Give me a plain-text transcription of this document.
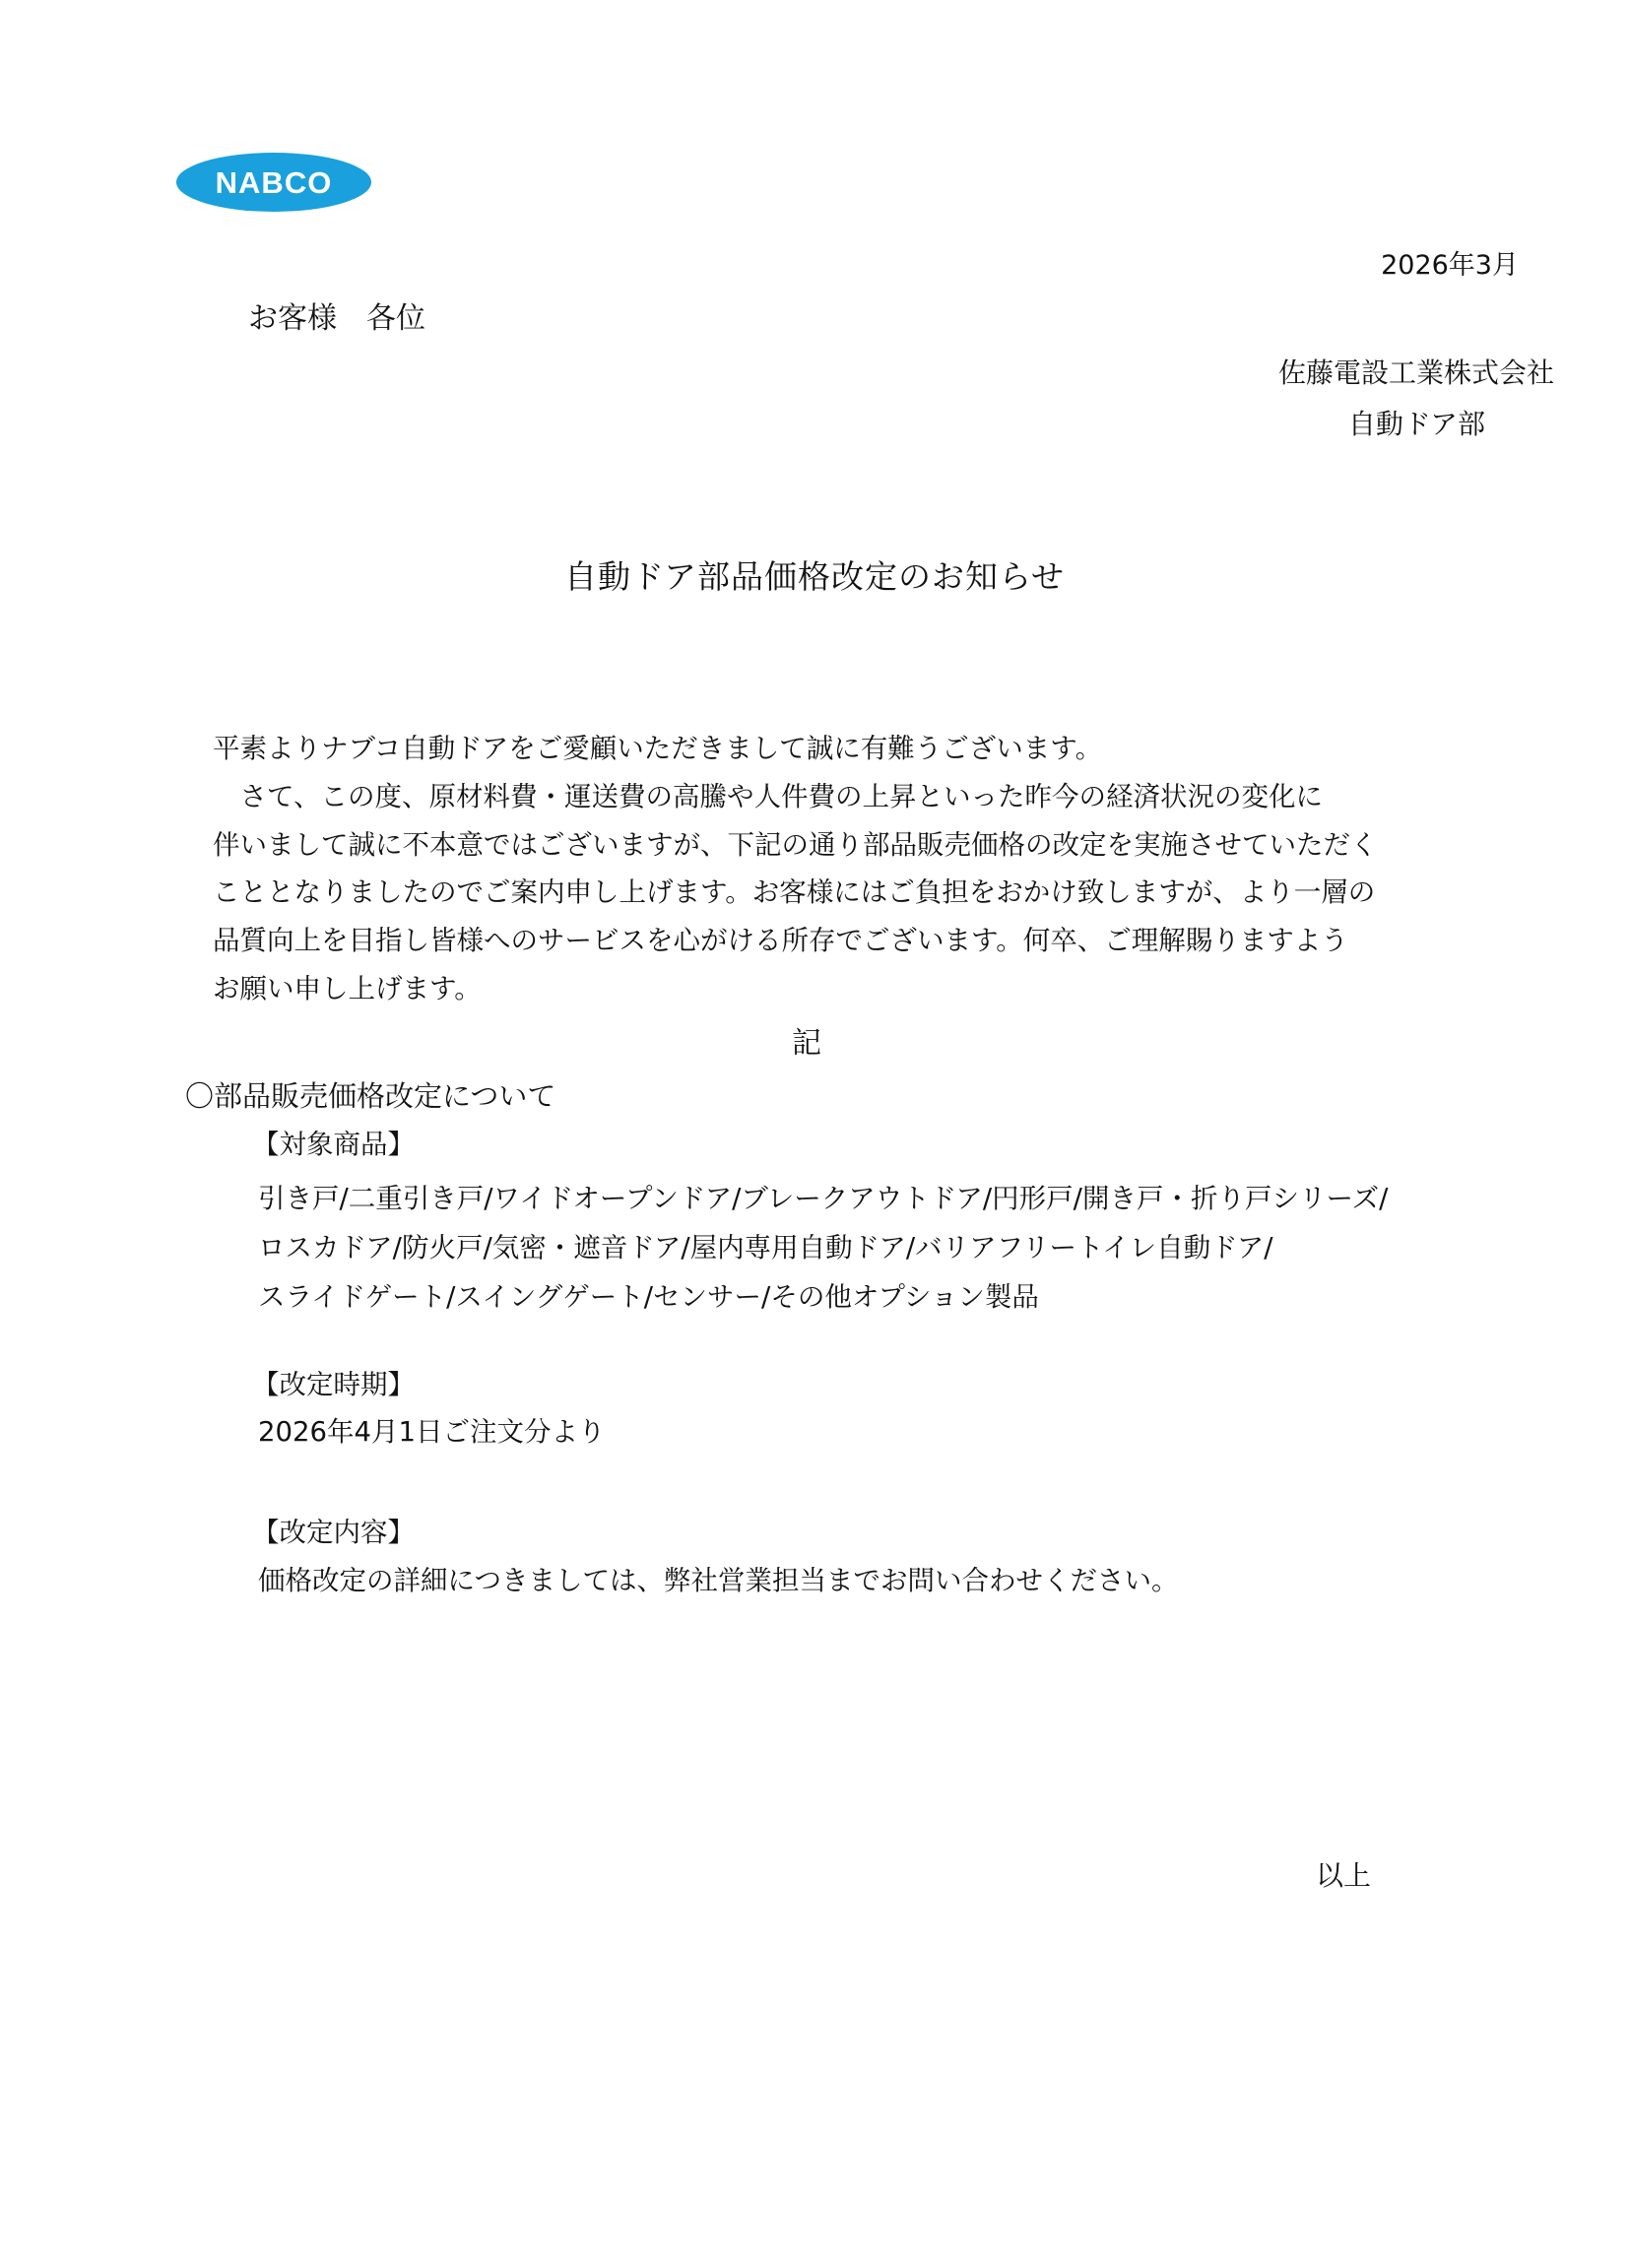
NABCO
2026年3月
お客様　各位
佐藤電設工業株式会社
自動ドア部
自動ドア部品価格改定のお知らせ

平素よりナブコ自動ドアをご愛顧いただきまして誠に有難うございます。

　さて、この度、原材料費・運送費の高騰や人件費の上昇といった昨今の経済状況の変化に

伴いまして誠に不本意ではございますが、下記の通り部品販売価格の改定を実施させていただく

こととなりましたのでご案内申し上げます。お客様にはご負担をおかけ致しますが、より一層の

品質向上を目指し皆様へのサービスを心がける所存でございます。何卒、ご理解賜りますよう

お願い申し上げます。

記
〇部品販売価格改定について
【対象商品】

引き戸/二重引き戸/ワイドオープンドア/ブレークアウトドア/円形戸/開き戸・折り戸シリーズ/

ロスカドア/防火戸/気密・遮音ドア/屋内専用自動ドア/バリアフリートイレ自動ドア/

スライドゲート/スイングゲート/センサー/その他オプション製品

【改定時期】
2026年4月1日ご注文分より
【改定内容】
価格改定の詳細につきましては、弊社営業担当までお問い合わせください。
以上
